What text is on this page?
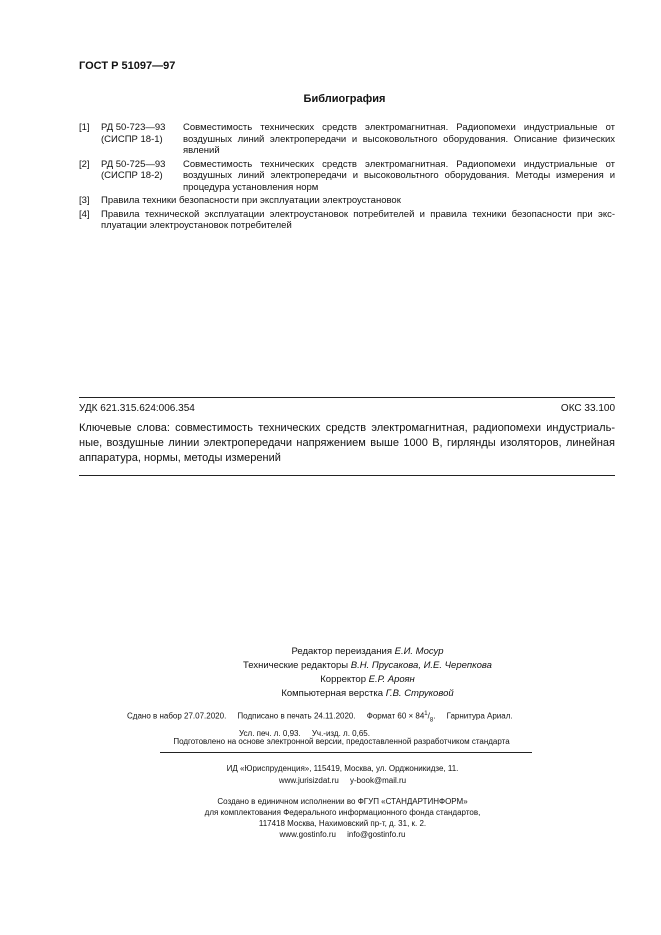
ГОСТ Р 51097—97
Библиография
[1]	РД 50-723—93
(СИСПР 18-1)
Совместимость технических средств электромагнитная. Радиопомехи индустриальные от воздушных линий электропередачи и высоковольтного оборудования. Описание физических явлений
[2]	РД 50-725—93
(СИСПР 18-2)
Совместимость технических средств электромагнитная. Радиопомехи индустриальные от воздушных линий электропередачи и высоковольтного оборудования. Методы измерения и процедура установления норм
[3]	Правила техники безопасности при эксплуатации электроустановок
[4]	Правила технической эксплуатации электроустановок потребителей и правила техники безопасности при экс-плуатации электроустановок потребителей
УДК 621.315.624:006.354	ОКС 33.100
Ключевые слова: совместимость технических средств электромагнитная, радиопомехи индустриаль-ные, воздушные линии электропередачи напряжением выше 1000 В, гирлянды изоляторов, линейная аппаратура, нормы, методы измерений
Редактор переиздания Е.И. Мосур
Технические редакторы В.Н. Прусакова, И.Е. Черепкова
Корректор Е.Р. Ароян
Компьютерная верстка Г.В. Струковой
Сдано в набор 27.07.2020. Подписано в печать 24.11.2020. Формат $60 \times 84^1/_8$.     Гарнитура Ариал.
Усл. печ. л. 0,93. Уч.-изд. л. 0,65.
Подготовлено на основе электронной версии, предоставленной разработчиком стандарта
ИД «Юриспруденция», 115419, Москва, ул. Орджоникидзе, 11.
www.jurisizdat.ru     y-book@mail.ru
Создано в единичном исполнении во ФГУП «СТАНДАРТИНФОРМ»
для комплектования Федерального информационного фонда стандартов,
117418 Москва, Нахимовский пр-т, д. 31, к. 2.
www.gostinfo.ru     info@gostinfo.ru
